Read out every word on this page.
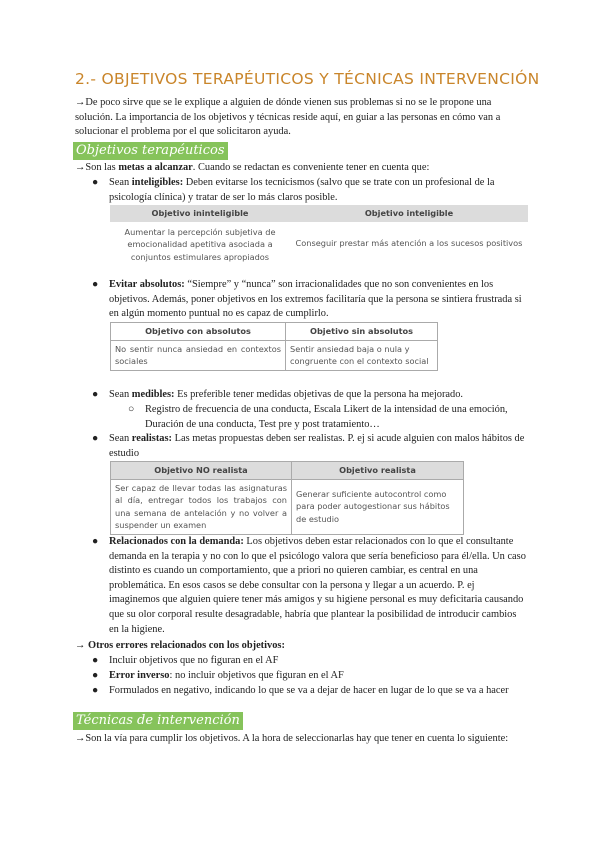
2.- OBJETIVOS TERAPÉUTICOS Y TÉCNICAS INTERVENCIÓN
→De poco sirve que se le explique a alguien de dónde vienen sus problemas si no se le propone una solución. La importancia de los objetivos y técnicas reside aquí, en guiar a las personas en cómo van a solucionar el problema por el que solicitaron ayuda.
Objetivos terapéuticos
→Son las metas a alcanzar. Cuando se redactan es conveniente tener en cuenta que:
●	Sean inteligibles: Deben evitarse los tecnicismos (salvo que se trate con un profesional de la psicología clínica) y tratar de ser lo más claros posible.
Objetivo ininteligible	Objetivo inteligible
Aumentar la percepción subjetiva de emocionalidad apetitiva asociada a conjuntos estimulares apropiados	Conseguir prestar más atención a los sucesos positivos
●	Evitar absolutos: “Siempre” y “nunca” son irracionalidades que no son convenientes en los objetivos. Además, poner objetivos en los extremos facilitaría que la persona se sintiera frustrada si en algún momento puntual no es capaz de cumplirlo.
Objetivo con absolutos	Objetivo sin absolutos
No sentir nunca ansiedad en contextos sociales	Sentir ansiedad baja o nula y congruente con el contexto social
●	Sean medibles: Es preferible tener medidas objetivas de que la persona ha mejorado.
○ Registro de frecuencia de una conducta, Escala Likert de la intensidad de una emoción, Duración de una conducta, Test pre y post tratamiento…
●	Sean realistas: Las metas propuestas deben ser realistas. P. ej si acude alguien con malos hábitos de estudio
Objetivo NO realista	Objetivo realista
Ser capaz de llevar todas las asignaturas al día, entregar todos los trabajos con una semana de antelación y no volver a suspender un examen	Generar suficiente autocontrol como para poder autogestionar sus hábitos de estudio
●	Relacionados con la demanda: Los objetivos deben estar relacionados con lo que el consultante demanda en la terapia y no con lo que el psicólogo valora que sería beneficioso para él/ella. Un caso distinto es cuando un comportamiento, que a priori no quieren cambiar, es central en una problemática. En esos casos se debe consultar con la persona y llegar a un acuerdo. P. ej imaginemos que alguien quiere tener más amigos y su higiene personal es muy deficitaria causando que su olor corporal resulte desagradable, habría que plantear la posibilidad de introducir cambios en la higiene.
→ Otros errores relacionados con los objetivos:
●	Incluir objetivos que no figuran en el AF
●	Error inverso: no incluir objetivos que figuran en el AF
●	Formulados en negativo, indicando lo que se va a dejar de hacer en lugar de lo que se va a hacer
Técnicas de intervención
→Son la vía para cumplir los objetivos. A la hora de seleccionarlas hay que tener en cuenta lo siguiente:
